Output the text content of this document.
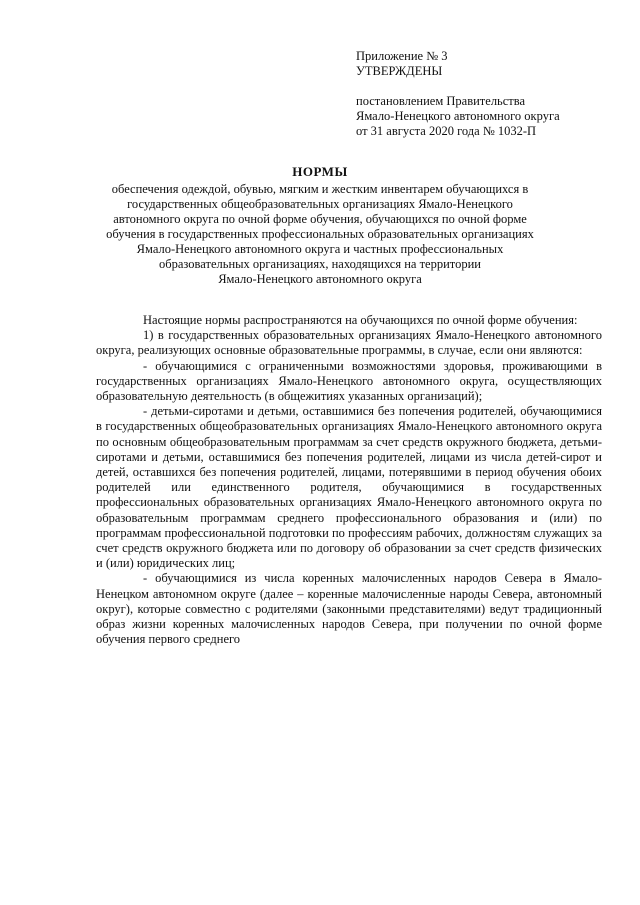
Приложение № 3
УТВЕРЖДЕНЫ
постановлением Правительства
Ямало-Ненецкого автономного округа
от 31 августа 2020 года № 1032-П
НОРМЫ
обеспечения одеждой, обувью, мягким и жестким инвентарем обучающихся в
государственных общеобразовательных организациях Ямало-Ненецкого
автономного округа по очной форме обучения, обучающихся по очной форме
обучения в государственных профессиональных образовательных организациях
Ямало-Ненецкого автономного округа и частных профессиональных
образовательных организациях, находящихся на территории
Ямало-Ненецкого автономного округа

Настоящие нормы распространяются на обучающихся по очной форме обучения:

1) в государственных образовательных организациях Ямало-Ненецкого автономного округа, реализующих основные образовательные программы, в случае, если они являются:

- обучающимися с ограниченными возможностями здоровья, проживающими в государственных организациях Ямало-Ненецкого автономного округа, осуществляющих образовательную деятельность (в общежитиях указанных организаций);

- детьми-сиротами и детьми, оставшимися без попечения родителей, обучающимися в государственных общеобразовательных организациях Ямало-Ненецкого автономного округа по основным общеобразовательным программам за счет средств окружного бюджета, детьми-сиротами и детьми, оставшимися без попечения родителей, лицами из числа детей-сирот и детей, оставшихся без попечения родителей, лицами, потерявшими в период обучения обоих родителей или единственного родителя, обучающимися в государственных профессиональных образовательных организациях Ямало-Ненецкого автономного округа по образовательным программам среднего профессионального образования и (или) по программам профессиональной подготовки по профессиям рабочих, должностям служащих за счет средств окружного бюджета или по договору об образовании за счет средств физических и (или) юридических лиц;

- обучающимися из числа коренных малочисленных народов Севера в Ямало-Ненецком автономном округе (далее – коренные малочисленные народы Севера, автономный округ), которые совместно с родителями (законными представителями) ведут традиционный образ жизни коренных малочисленных народов Севера, при получении по очной форме обучения первого среднего
